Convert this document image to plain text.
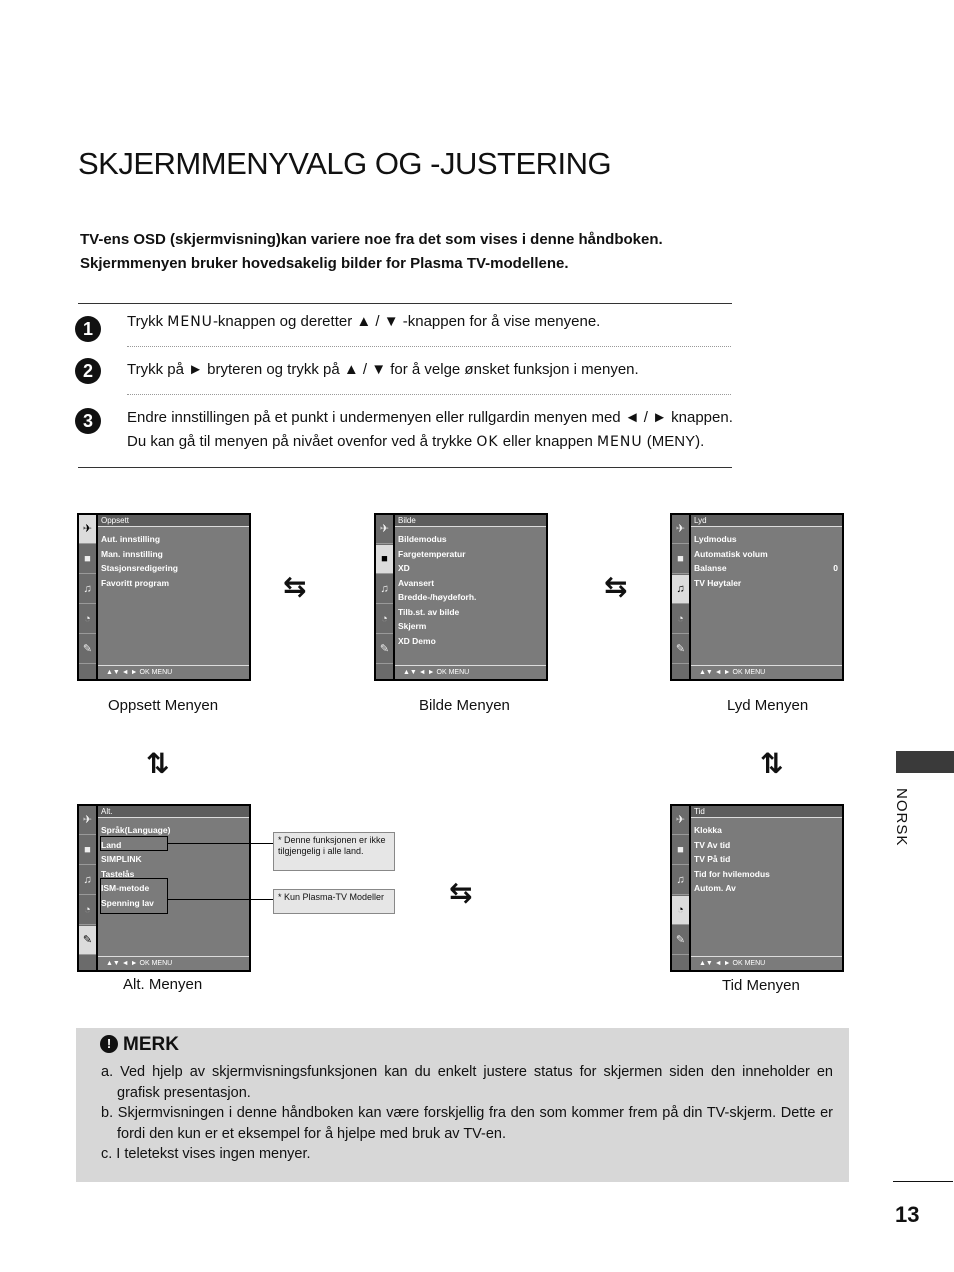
SKJERMMENYVALG OG -JUSTERING
TV-ens OSD (skjermvisning)kan variere noe fra det som vises i denne håndboken.
Skjermmenyen bruker hovedsakelig bilder for Plasma TV-modellene.
1	Trykk MENU-knappen og deretter ▲ / ▼ -knappen for å vise menyene.
2	Trykk på ► bryteren og trykk på ▲ / ▼ for å velge ønsket funksjon i menyen.
3	Endre innstillingen på et punkt i undermenyen eller rullgardin menyen med ◄ / ► knappen.
Du kan gå til menyen på nivået ovenfor ved å trykke OK eller knappen MENU (MENY).
✈
■
♫
◔
✎
Oppsett
Aut. innstilling
Man. innstilling
Stasjonsredigering
Favoritt program
▲▼ ◄ ► OK MENU
Oppsett Menyen
⇆
✈
■
♫
◔
✎
Bilde
Bildemodus
Fargetemperatur
XD
Avansert
Bredde-/høydeforh.
Tilb.st. av bilde
Skjerm
XD Demo
▲▼ ◄ ► OK MENU
Bilde Menyen
⇆
✈
■
♫
◔
✎
Lyd
Lydmodus
Automatisk volum
Balanse	0
TV Høytaler
▲▼ ◄ ► OK MENU
Lyd Menyen
⇅	⇅
✈
■
♫
◔
✎
Alt.
Språk(Language)
Land
SIMPLINK
Tastelås
ISM-metode
Spenning lav
▲▼ ◄ ► OK MENU
* Denne funksjonen er ikke tilgjengelig i alle land.
* Kun Plasma-TV Modeller
Alt. Menyen
⇆
✈
■
♫
◔
✎
Tid
Klokka
TV Av tid
TV På tid
Tid for hvilemodus
Autom. Av
▲▼ ◄ ► OK MENU
Tid Menyen
! MERK

a. Ved hjelp av skjermvisningsfunksjonen kan du enkelt justere status for skjermen siden den inneholder en grafisk presentasjon.

b. Skjermvisningen i denne håndboken kan være forskjellig fra den som kommer frem på din TV-skjerm. Dette er fordi den kun er et eksempel for å hjelpe med bruk av TV-en.

c. I teletekst vises ingen menyer.

NORSK
13
